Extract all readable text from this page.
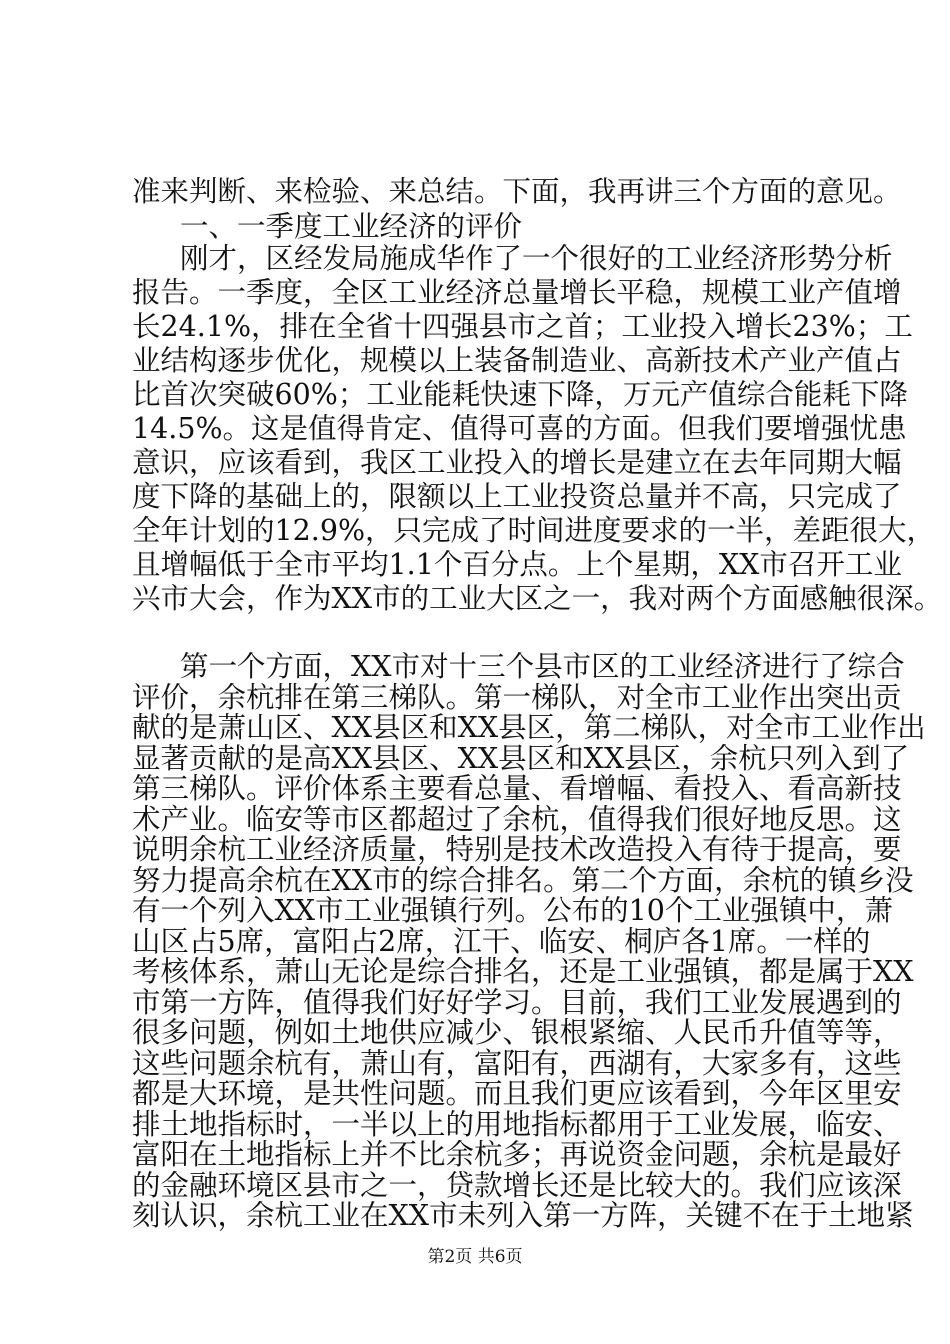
准来判断、来检验、来总结。下面，我再讲三个方面的意见。
一、一季度工业经济的评价
刚才，区经发局施成华作了一个很好的工业经济形势分析
报告。一季度，全区工业经济总量增长平稳，规模工业产值增
长24.1%，排在全省十四强县市之首；工业投入增长23%；工
业结构逐步优化，规模以上装备制造业、高新技术产业产值占
比首次突破60%；工业能耗快速下降，万元产值综合能耗下降
14.5%。这是值得肯定、值得可喜的方面。但我们要增强忧患
意识，应该看到，我区工业投入的增长是建立在去年同期大幅
度下降的基础上的，限额以上工业投资总量并不高，只完成了
全年计划的12.9%，只完成了时间进度要求的一半，差距很大，
且增幅低于全市平均1.1个百分点。上个星期，XX市召开工业
兴市大会，作为XX市的工业大区之一，我对两个方面感触很深。
第一个方面，XX市对十三个县市区的工业经济进行了综合
评价，余杭排在第三梯队。第一梯队，对全市工业作出突出贡
献的是萧山区、XX县区和XX县区，第二梯队，对全市工业作出
显著贡献的是高XX县区、XX县区和XX县区，余杭只列入到了
第三梯队。评价体系主要看总量、看增幅、看投入、看高新技
术产业。临安等市区都超过了余杭，值得我们很好地反思。这
说明余杭工业经济质量，特别是技术改造投入有待于提高，要
努力提高余杭在XX市的综合排名。第二个方面，余杭的镇乡没
有一个列入XX市工业强镇行列。公布的10个工业强镇中，萧
山区占5席，富阳占2席，江干、临安、桐庐各1席。一样的
考核体系，萧山无论是综合排名，还是工业强镇，都是属于XX
市第一方阵，值得我们好好学习。目前，我们工业发展遇到的
很多问题，例如土地供应减少、银根紧缩、人民币升值等等，
这些问题余杭有，萧山有，富阳有，西湖有，大家多有，这些
都是大环境，是共性问题。而且我们更应该看到，今年区里安
排土地指标时，一半以上的用地指标都用于工业发展，临安、
富阳在土地指标上并不比余杭多；再说资金问题，余杭是最好
的金融环境区县市之一，贷款增长还是比较大的。我们应该深
刻认识，余杭工业在XX市未列入第一方阵，关键不在于土地紧
第2页 共6页
